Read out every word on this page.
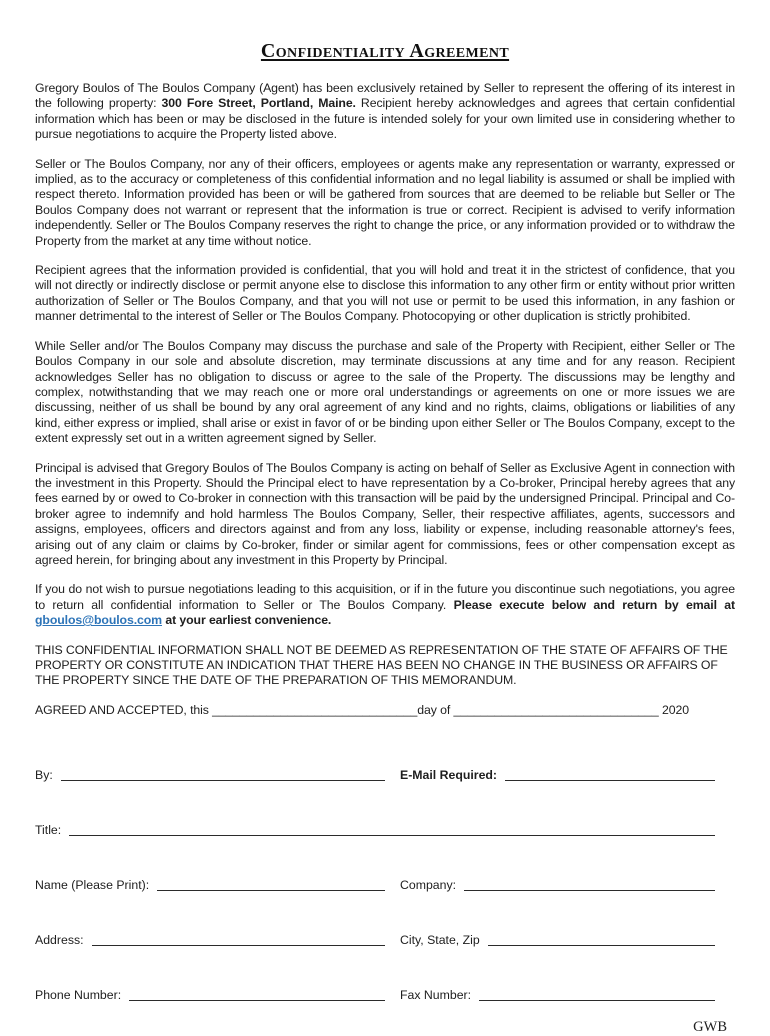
Confidentiality Agreement

Gregory Boulos of The Boulos Company (Agent) has been exclusively retained by Seller to represent the offering of its interest in the following property: 300 Fore Street, Portland, Maine. Recipient hereby acknowledges and agrees that certain confidential information which has been or may be disclosed in the future is intended solely for your own limited use in considering whether to pursue negotiations to acquire the Property listed above.

Seller or The Boulos Company, nor any of their officers, employees or agents make any representation or warranty, expressed or implied, as to the accuracy or completeness of this confidential information and no legal liability is assumed or shall be implied with respect thereto. Information provided has been or will be gathered from sources that are deemed to be reliable but Seller or The Boulos Company does not warrant or represent that the information is true or correct. Recipient is advised to verify information independently. Seller or The Boulos Company reserves the right to change the price, or any information provided or to withdraw the Property from the market at any time without notice.

Recipient agrees that the information provided is confidential, that you will hold and treat it in the strictest of confidence, that you will not directly or indirectly disclose or permit anyone else to disclose this information to any other firm or entity without prior written authorization of Seller or The Boulos Company, and that you will not use or permit to be used this information, in any fashion or manner detrimental to the interest of Seller or The Boulos Company. Photocopying or other duplication is strictly prohibited.

While Seller and/or The Boulos Company may discuss the purchase and sale of the Property with Recipient, either Seller or The Boulos Company in our sole and absolute discretion, may terminate discussions at any time and for any reason. Recipient acknowledges Seller has no obligation to discuss or agree to the sale of the Property. The discussions may be lengthy and complex, notwithstanding that we may reach one or more oral understandings or agreements on one or more issues we are discussing, neither of us shall be bound by any oral agreement of any kind and no rights, claims, obligations or liabilities of any kind, either express or implied, shall arise or exist in favor of or be binding upon either Seller or The Boulos Company, except to the extent expressly set out in a written agreement signed by Seller.

Principal is advised that Gregory Boulos of The Boulos Company is acting on behalf of Seller as Exclusive Agent in connection with the investment in this Property. Should the Principal elect to have representation by a Co-broker, Principal hereby agrees that any fees earned by or owed to Co-broker in connection with this transaction will be paid by the undersigned Principal. Principal and Co-broker agree to indemnify and hold harmless The Boulos Company, Seller, their respective affiliates, agents, successors and assigns, employees, officers and directors against and from any loss, liability or expense, including reasonable attorney's fees, arising out of any claim or claims by Co-broker, finder or similar agent for commissions, fees or other compensation except as agreed herein, for bringing about any investment in this Property by Principal.

If you do not wish to pursue negotiations leading to this acquisition, or if in the future you discontinue such negotiations, you agree to return all confidential information to Seller or The Boulos Company. Please execute below and return by email at gboulos@boulos.com at your earliest convenience.

THIS CONFIDENTIAL INFORMATION SHALL NOT BE DEEMED AS REPRESENTATION OF THE STATE OF AFFAIRS OF THE PROPERTY OR CONSTITUTE AN INDICATION THAT THERE HAS BEEN NO CHANGE IN THE BUSINESS OR AFFAIRS OF THE PROPERTY SINCE THE DATE OF THE PREPARATION OF THIS MEMORANDUM.

AGREED AND ACCEPTED, this ______________________________day of ______________________________ 2020

By:	E-Mail Required:
Title:
Name (Please Print):	Company:
Address:	City, State, Zip
Phone Number:	Fax Number:
GWB
